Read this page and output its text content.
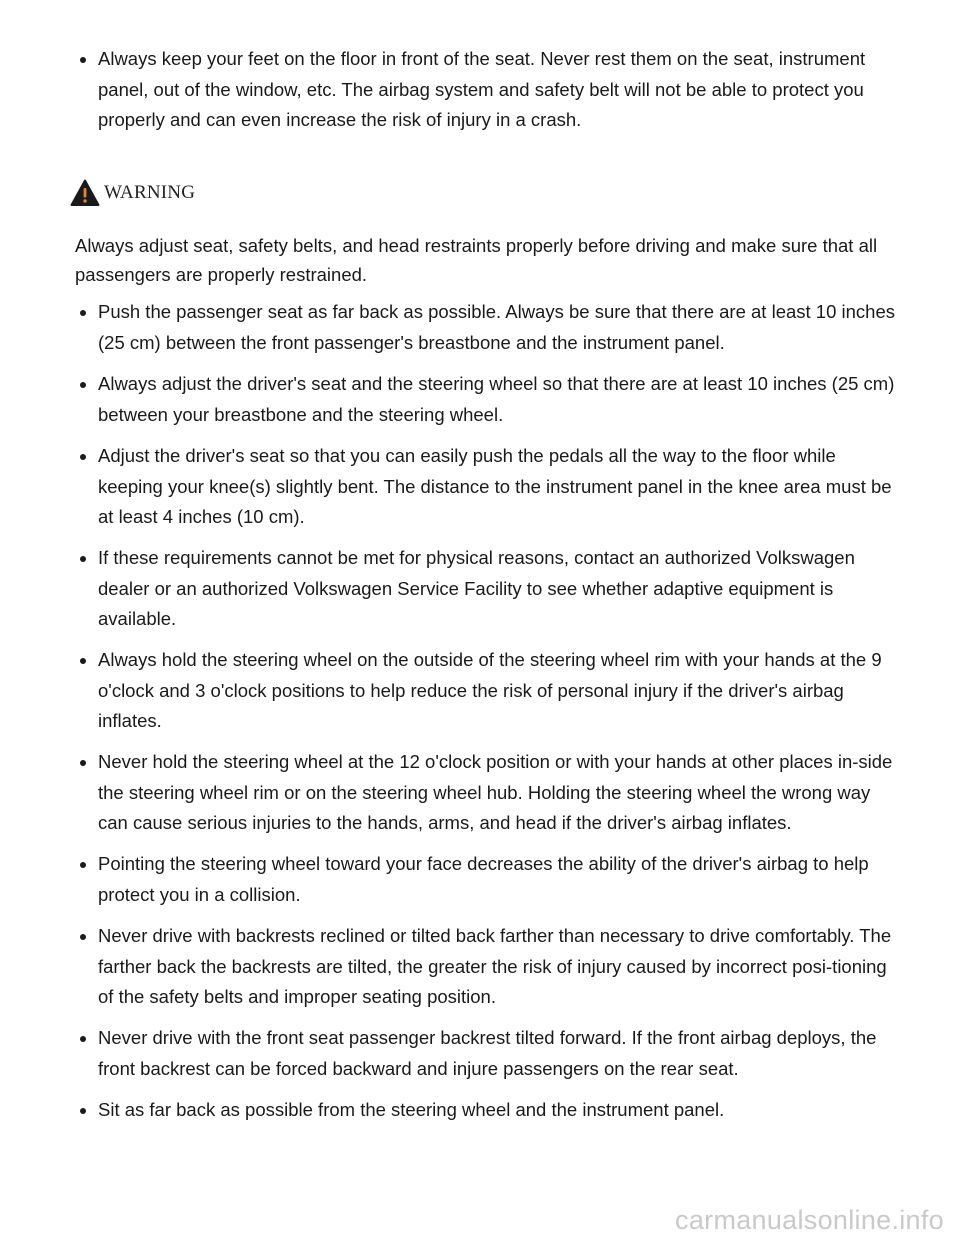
Always keep your feet on the floor in front of the seat. Never rest them on the seat, instrument panel, out of the window, etc. The airbag system and safety belt will not be able to protect you properly and can even increase the risk of injury in a crash.
WARNING

Always adjust seat, safety belts, and head restraints properly before driving and make sure that all passengers are properly restrained.

Push the passenger seat as far back as possible. Always be sure that there are at least 10 inches (25 cm) between the front passenger's breastbone and the instrument panel.
Always adjust the driver's seat and the steering wheel so that there are at least 10 inches (25 cm) between your breastbone and the steering wheel.
Adjust the driver's seat so that you can easily push the pedals all the way to the floor while keeping your knee(s) slightly bent. The distance to the instrument panel in the knee area must be at least 4 inches (10 cm).
If these requirements cannot be met for physical reasons, contact an authorized Volkswagen dealer or an authorized Volkswagen Service Facility to see whether adaptive equipment is available.
Always hold the steering wheel on the outside of the steering wheel rim with your hands at the 9 o'clock and 3 o'clock positions to help reduce the risk of personal injury if the driver's airbag inflates.
Never hold the steering wheel at the 12 o'clock position or with your hands at other places in-side the steering wheel rim or on the steering wheel hub. Holding the steering wheel the wrong way can cause serious injuries to the hands, arms, and head if the driver's airbag inflates.
Pointing the steering wheel toward your face decreases the ability of the driver's airbag to help protect you in a collision.
Never drive with backrests reclined or tilted back farther than necessary to drive comfortably. The farther back the backrests are tilted, the greater the risk of injury caused by incorrect posi-tioning of the safety belts and improper seating position.
Never drive with the front seat passenger backrest tilted forward. If the front airbag deploys, the front backrest can be forced backward and injure passengers on the rear seat.
Sit as far back as possible from the steering wheel and the instrument panel.
carmanualsonline.info
